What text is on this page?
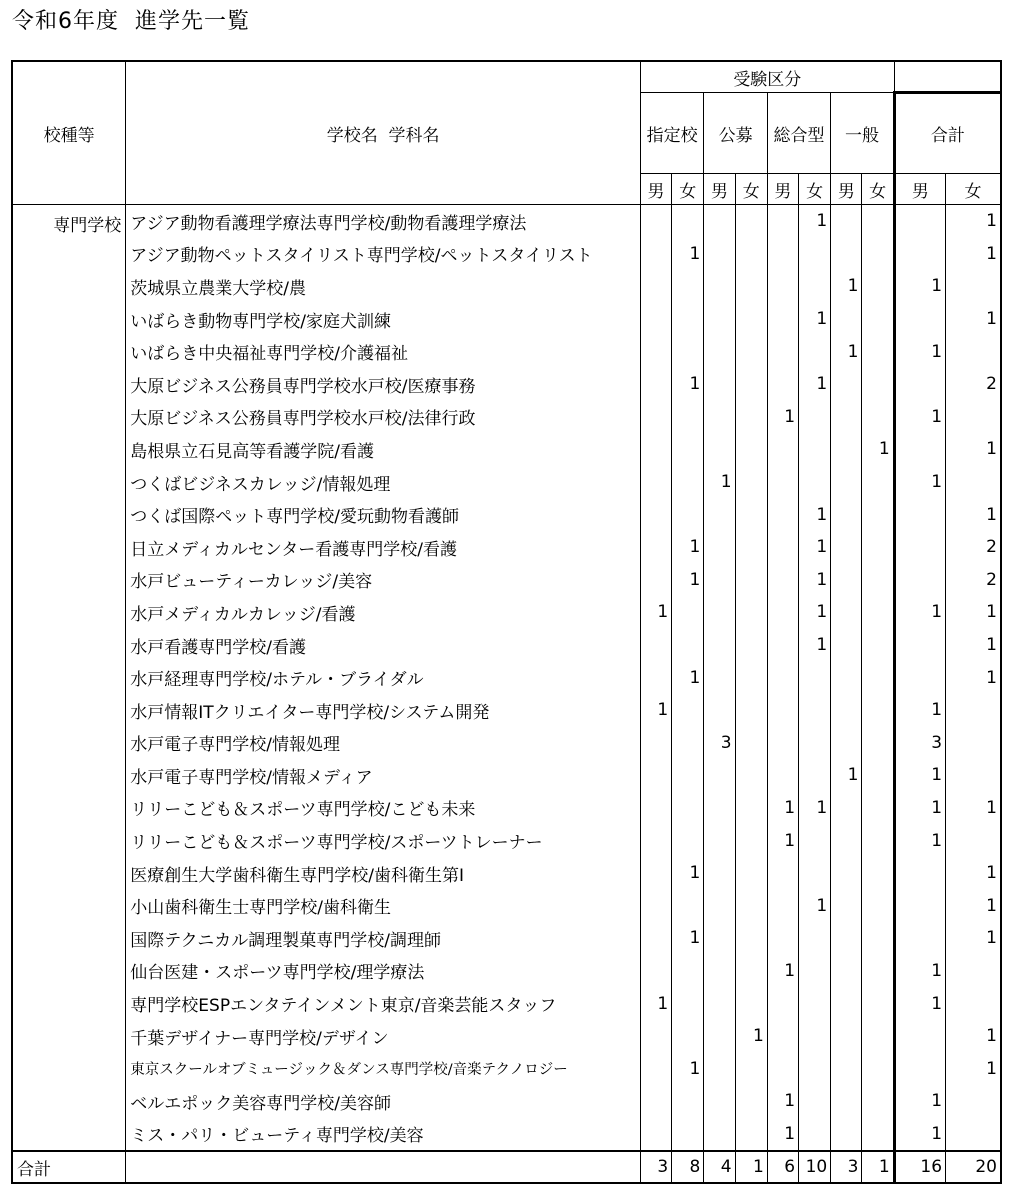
令和6年度  進学先一覧
校種等	学校名  学科名	受験区分									
		指定校		公募		総合型		一般		合計	
		男	女	男	女	男	女	男	女	男	女
専門学校	アジア動物看護理学療法専門学校/動物看護理学療法						1				1
	アジア動物ペットスタイリスト専門学校/ペットスタイリスト		1								1
	茨城県立農業大学校/農							1		1	
	いばらき動物専門学校/家庭犬訓練						1				1
	いばらき中央福祉専門学校/介護福祉							1		1	
	大原ビジネス公務員専門学校水戸校/医療事務		1				1				2
	大原ビジネス公務員専門学校水戸校/法律行政					1				1	
	島根県立石見高等看護学院/看護								1		1
	つくばビジネスカレッジ/情報処理			1						1	
	つくば国際ペット専門学校/愛玩動物看護師						1				1
	日立メディカルセンター看護専門学校/看護		1				1				2
	水戸ビューティーカレッジ/美容		1				1				2
	水戸メディカルカレッジ/看護	1					1			1	1
	水戸看護専門学校/看護						1				1
	水戸経理専門学校/ホテル・ブライダル		1								1
	水戸情報ITクリエイター専門学校/システム開発	1								1	
	水戸電子専門学校/情報処理			3						3	
	水戸電子専門学校/情報メディア							1		1	
	リリーこども＆スポーツ専門学校/こども未来					1	1			1	1
	リリーこども＆スポーツ専門学校/スポーツトレーナー					1				1	
	医療創生大学歯科衛生専門学校/歯科衛生第Ⅰ		1								1
	小山歯科衛生士専門学校/歯科衛生						1				1
	国際テクニカル調理製菓専門学校/調理師		1								1
	仙台医建・スポーツ専門学校/理学療法					1				1	
	専門学校ESPエンタテインメント東京/音楽芸能スタッフ	1								1	
	千葉デザイナー専門学校/デザイン				1						1
	東京スクールオブミュージック＆ダンス専門学校/音楽テクノロジー		1								1
	ベルエポック美容専門学校/美容師					1				1	
	ミス・パリ・ビューティ専門学校/美容					1				1	
合計		3	8	4	1	6	10	3	1	16	20
